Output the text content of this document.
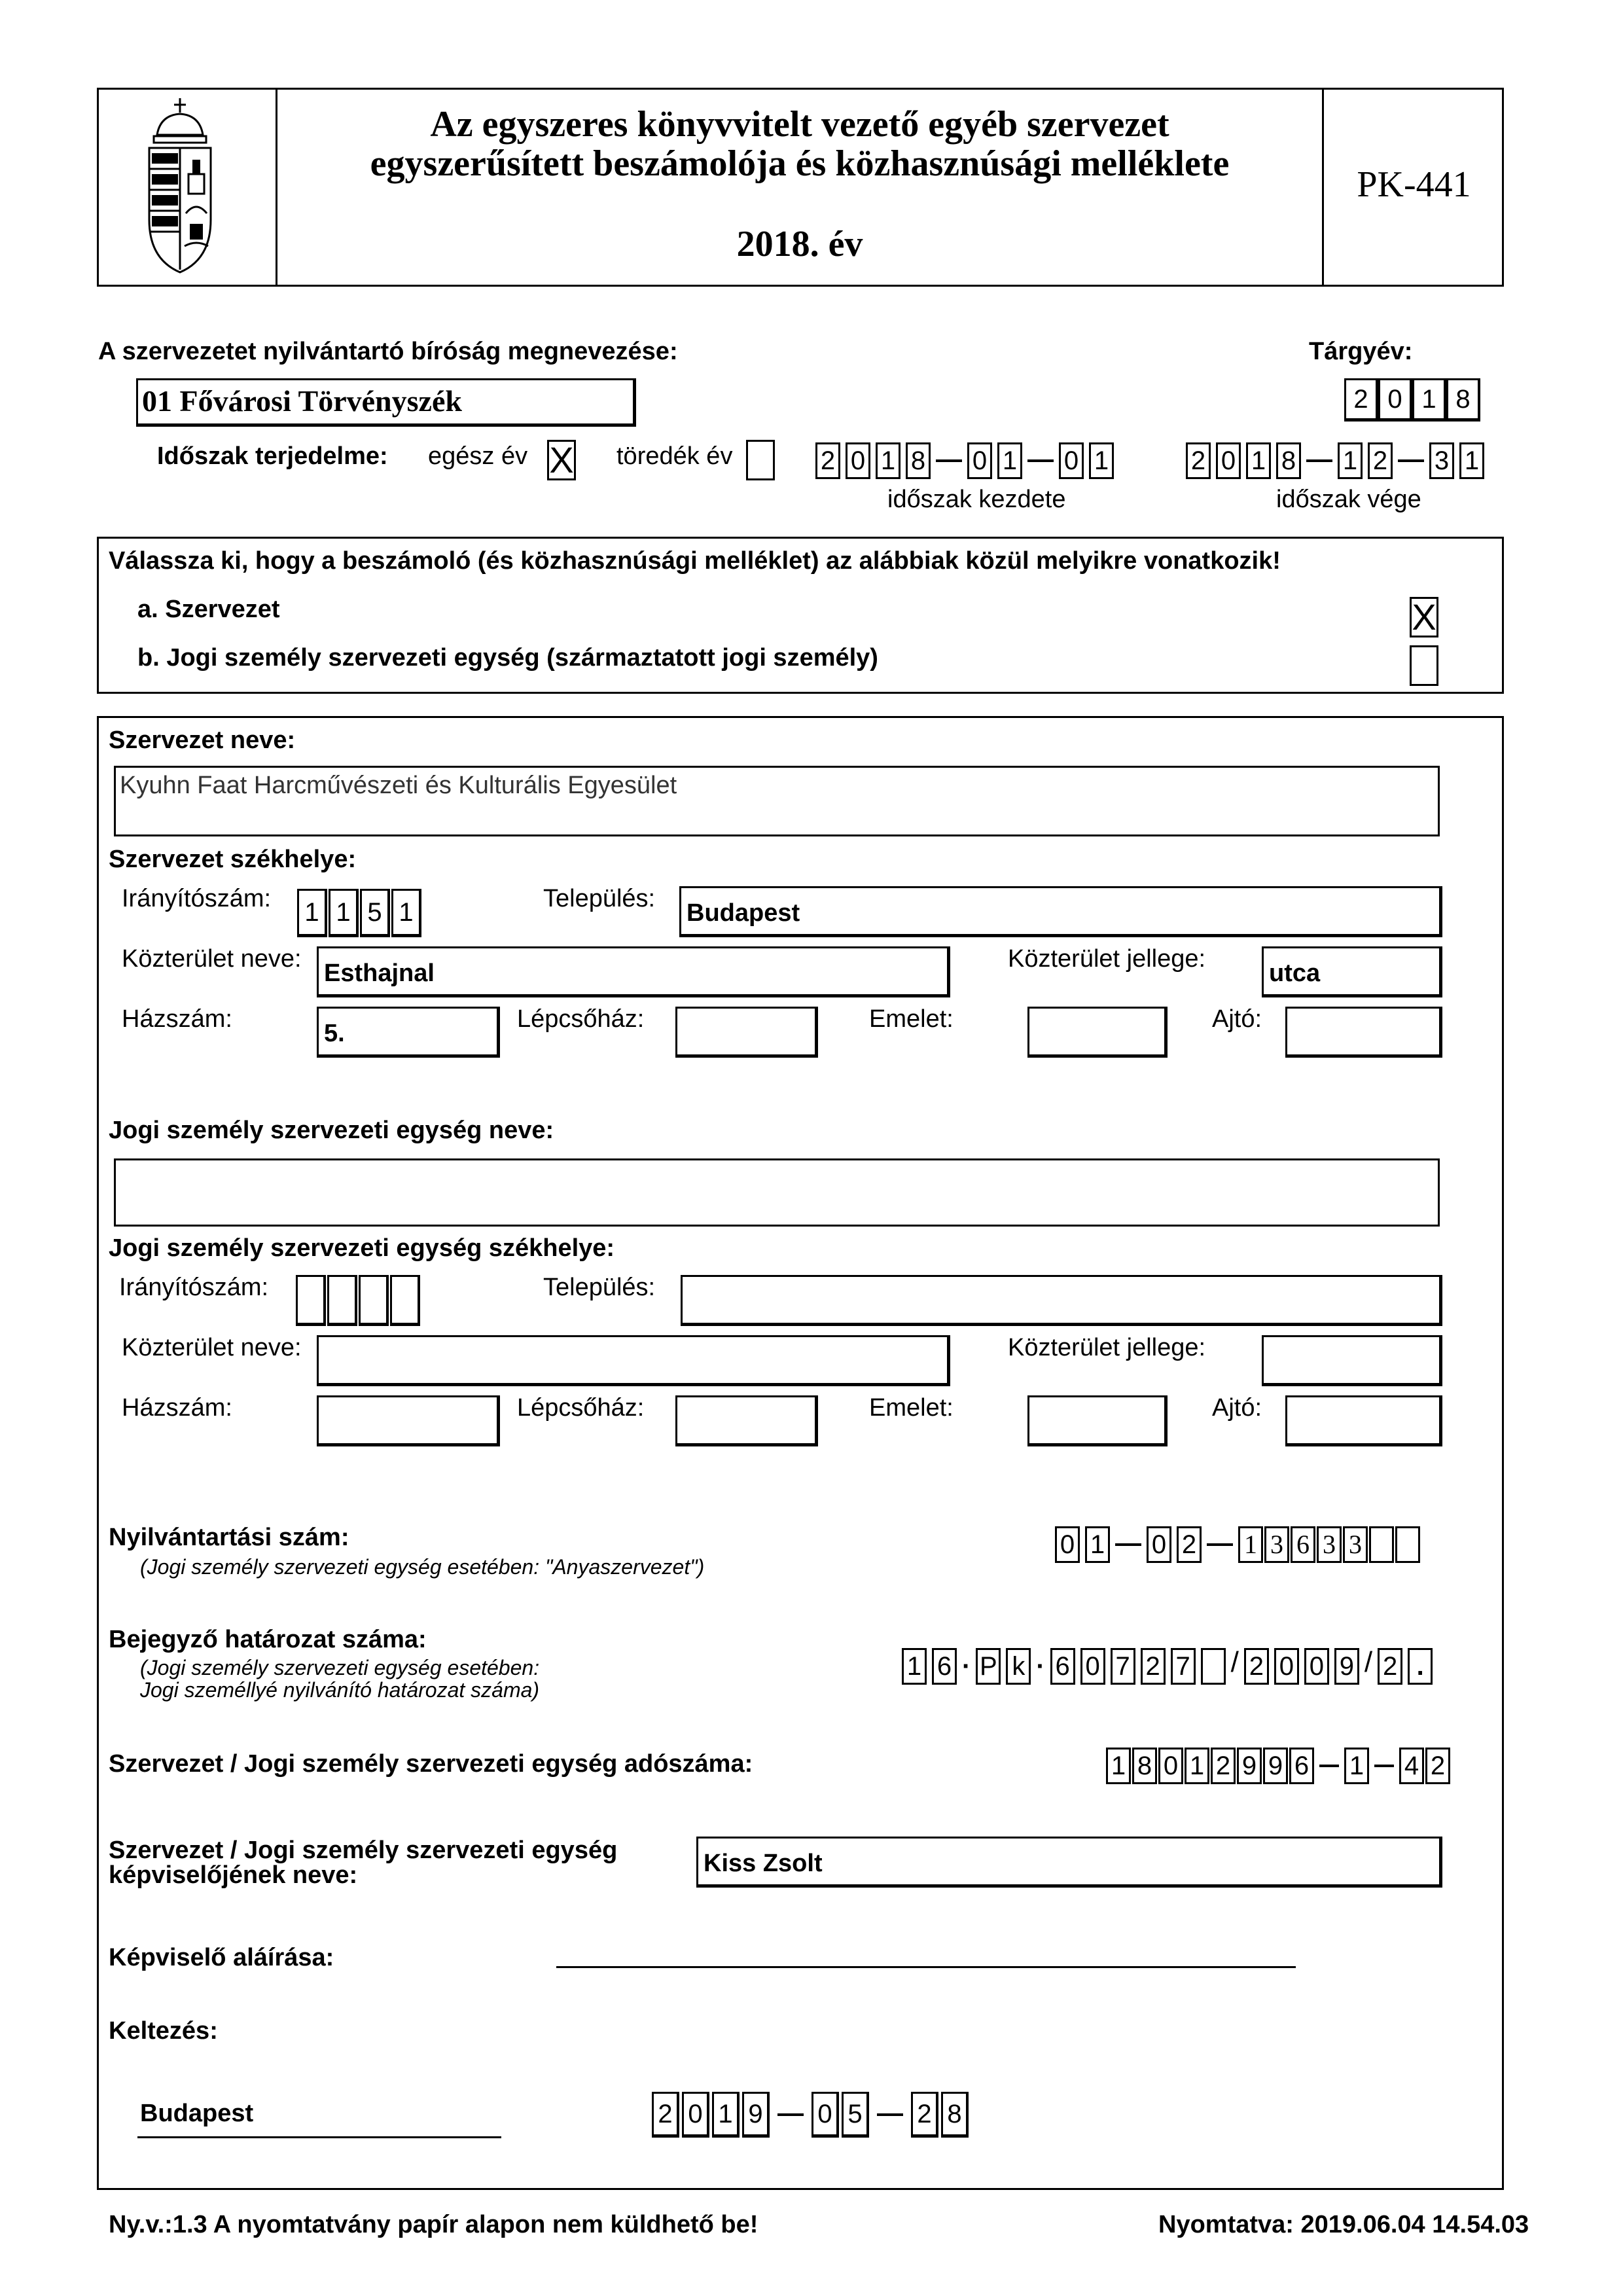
Az egyszeres könyvvitelt vezető egyéb szervezet
egyszerűsített beszámolója és közhasznúsági melléklete
2018. év
PK-441
A szervezetet nyilvántartó bíróság megnevezése:	Tárgyév:
01 Fővárosi Törvényszék	2 0 1 8
Időszak terjedelme: egész év X töredék év	2 0 1 8 0 1 0 1
időszak kezdete
2 0 1 8 1 2 3 1
időszak vége
Válassza ki, hogy a beszámoló (és közhasznúsági melléklet) az alábbiak közül melyikre vonatkozik!
a. Szervezet	X
b. Jogi személy szervezeti egység (származtatott jogi személy)
Szervezet neve:
Kyuhn Faat Harcművészeti és Kulturális Egyesület
Szervezet székhelye:
Irányítószám: 1 1 5 1	Település:
Budapest
Közterület neve:
Esthajnal
Közterület jellege:
utca
Házszám:
5.
Lépcsőház:	Emelet:	Ajtó:
Jogi személy szervezeti egység neve:
Jogi személy szervezeti egység székhelye:
Irányítószám:	Település:
Közterület neve:	Közterület jellege:
Házszám:	Lépcsőház:	Emelet:	Ajtó:
Nyilvántartási szám:
(Jogi személy szervezeti egység esetében: "Anyaszervezet")
0 1 0 2 1 3 6 3 3
Bejegyző határozat száma:
(Jogi személy szervezeti egység esetében:
Jogi személlyé nyilvánító határozat száma)
1 6 · P k · 6 0 7 2 7 / 2 0 0 9 / 2 .
Szervezet / Jogi személy szervezeti egység adószáma:	1 8 0 1 2 9 9 6 1 4 2
Szervezet / Jogi személy szervezeti egység
képviselőjének neve:	Kiss Zsolt
Képviselő aláírása:
Keltezés:
Budapest	2 0 1 9 0 5 2 8
Ny.v.:1.3 A nyomtatvány papír alapon nem küldhető be!	Nyomtatva: 2019.06.04 14.54.03
